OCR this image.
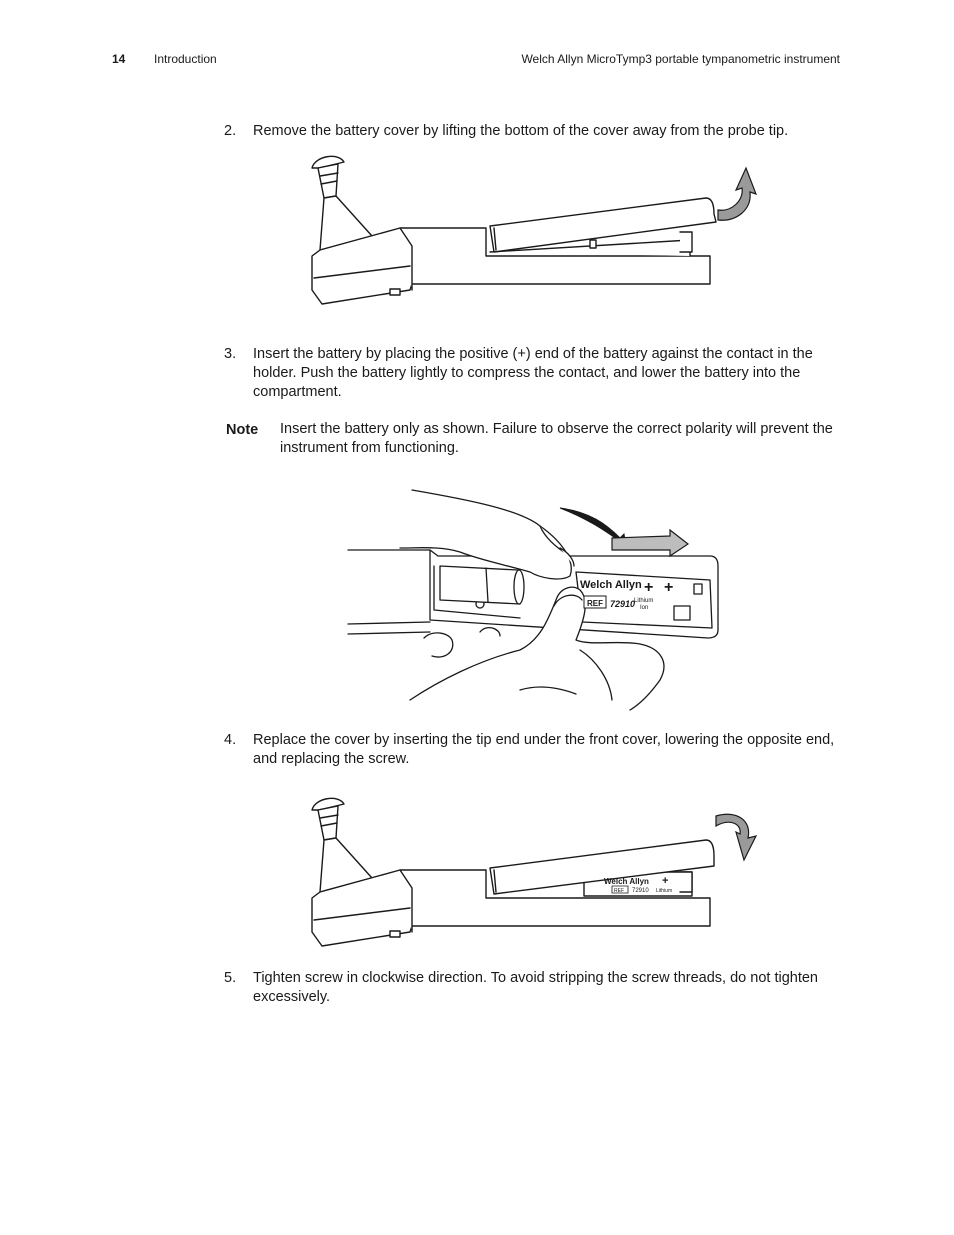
14 Introduction	Welch Allyn MicroTymp3 portable tympanometric instrument
2. Remove the battery cover by lifting the bottom of the cover away from the probe tip.
3. Insert the battery by placing the positive (+) end of the battery against the contact in the holder. Push the battery lightly to compress the contact, and lower the battery into the compartment.
Note Insert the battery only as shown. Failure to observe the correct polarity will prevent the instrument from functioning.
Welch Allyn + +
REF 72910
Lithium
Ion
4. Replace the cover by inserting the tip end under the front cover, lowering the opposite end, and replacing the screw.
Welch Allyn +
REF 72910 Lithium
5. Tighten screw in clockwise direction. To avoid stripping the screw threads, do not tighten excessively.
